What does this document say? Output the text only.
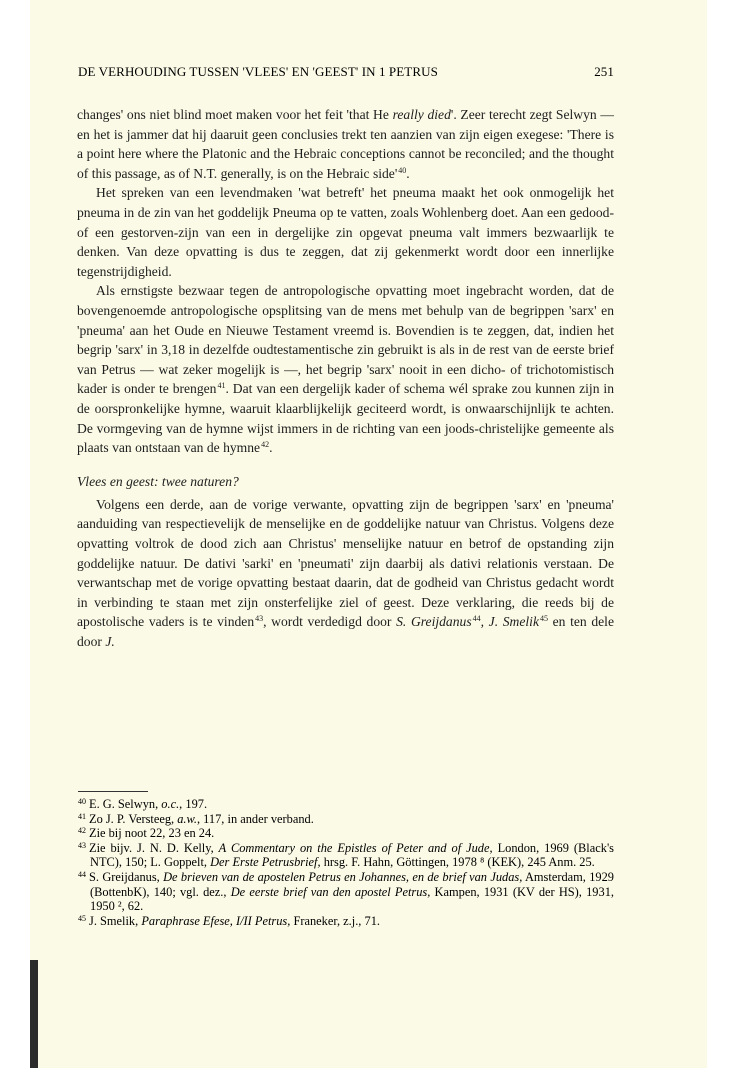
DE VERHOUDING TUSSEN 'VLEES' EN 'GEEST' IN 1 PETRUS	251

changes' ons niet blind moet maken voor het feit 'that He really died'. Zeer terecht zegt Selwyn — en het is jammer dat hij daaruit geen conclusies trekt ten aanzien van zijn eigen exegese: 'There is a point here where the Platonic and the Hebraic conceptions cannot be reconciled; and the thought of this passage, as of N.T. generally, is on the Hebraic $side'^{40}$.

Het spreken van een levendmaken 'wat betreft' het pneuma maakt het ook onmogelijk het pneuma in de zin van het goddelijk Pneuma op te vatten, zoals Wohlenberg doet. Aan een gedood- of een gestorven-zijn van een in dergelijke zin opgevat pneuma valt immers bezwaarlijk te denken. Van deze opvatting is dus te zeggen, dat zij gekenmerkt wordt door een innerlijke tegenstrijdigheid.

Als ernstigste bezwaar tegen de antropologische opvatting moet ingebracht worden, dat de bovengenoemde antropologische opsplitsing van de mens met behulp van de begrippen 'sarx' en 'pneuma' aan het Oude en Nieuwe Testament vreemd is. Bovendien is te zeggen, dat, indien het begrip 'sarx' in 3,18 in dezelfde oudtestamentische zin gebruikt is als in de rest van de eerste brief van Petrus — wat zeker mogelijk is —, het begrip 'sarx' nooit in een dicho- of trichotomistisch kader is onder te brengen$^{41}$. Dat van een dergelijk kader of schema wél sprake zou kunnen zijn in de oorspronkelijke hymne, waaruit klaarblijkelijk geciteerd wordt, is onwaarschijnlijk te achten. De vormgeving van de hymne wijst immers in de richting van een joods-christelijke gemeente als plaats van ontstaan van de hymne$^{42}$.

Vlees en geest: twee naturen?

Volgens een derde, aan de vorige verwante, opvatting zijn de begrippen 'sarx' en 'pneuma' aanduiding van respectievelijk de menselijke en de goddelijke natuur van Christus. Volgens deze opvatting voltrok de dood zich aan Christus' menselijke natuur en betrof de opstanding zijn goddelijke natuur. De dativi 'sarki' en 'pneumati' zijn daarbij als dativi relationis verstaan. De verwantschap met de vorige opvatting bestaat daarin, dat de godheid van Christus gedacht wordt in verbinding te staan met zijn onsterfelijke ziel of geest. Deze verklaring, die reeds bij de apostolische vaders is te vinden$^{43}$, wordt verdedigd door S. Greijdanus$^{44}$, J. Smelik$^{45}$ en ten dele door J.

$^{40}$ E. G. Selwyn, o.c., 197.
$^{41}$ Zo J. P. Versteeg, a.w., 117, in ander verband.
$^{42}$ Zie bij noot 22, 23 en 24.
$^{43}$ Zie bijv. J. N. D. Kelly, A Commentary on the Epistles of Peter and of Jude, London, 1969 (Black's NTC), 150; L. Goppelt, Der Erste Petrusbrief, hrsg. F. Hahn, Göttingen, 1978 ⁸ (KEK), 245 Anm. 25.
$^{44}$ S. Greijdanus, De brieven van de apostelen Petrus en Johannes, en de brief van Judas, Amsterdam, 1929 (BottenbK), 140; vgl. dez., De eerste brief van den apostel Petrus, Kampen, 1931 (KV der HS), 1931, 1950 ², 62.
$^{45}$ J. Smelik, Paraphrase Efese, I/II Petrus, Franeker, z.j., 71.
